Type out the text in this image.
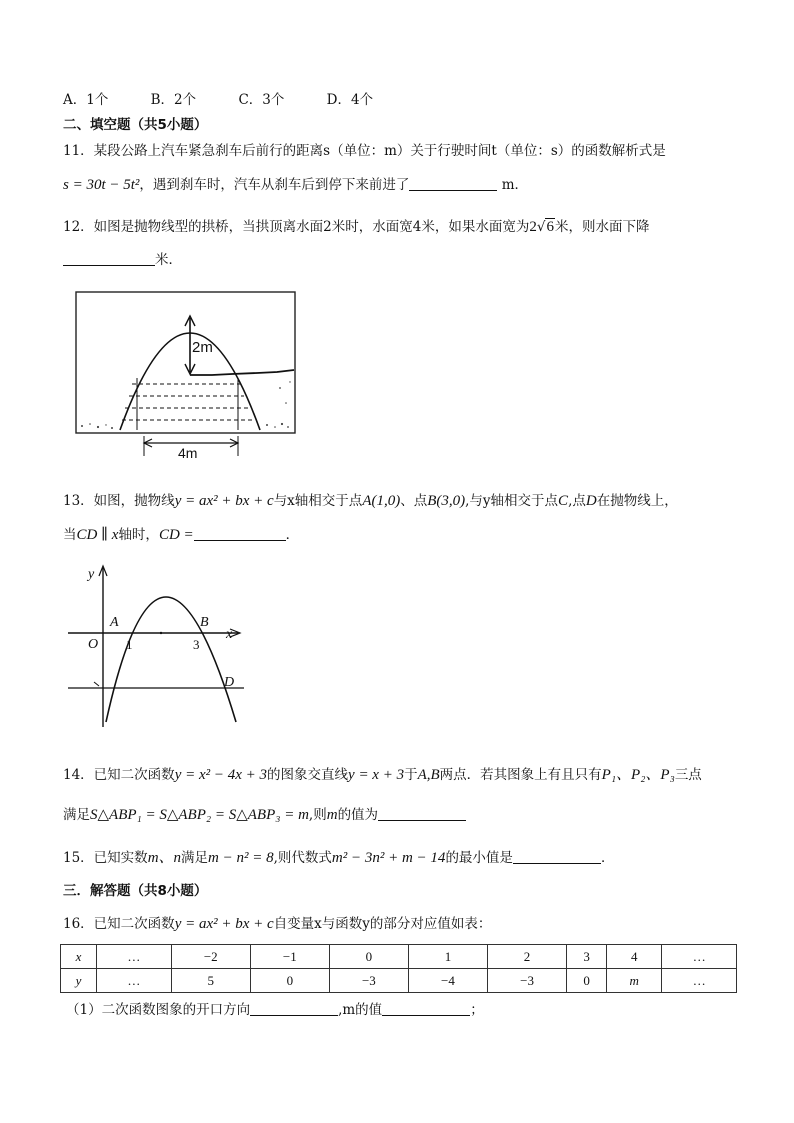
A．1个	B．2个	C．3个	D．4个
二、填空题（共5小题）
11．某段公路上汽车紧急刹车后前行的距离s（单位：m）关于行驶时间t（单位：s）的函数解析式是
s = 30t − 5t²，遇到刹车时，汽车从刹车后到停下来前进了	m．
12．如图是抛物线型的拱桥，当拱顶离水面2米时，水面宽4米，如果水面宽为2√6米，则水面下降
米．
2m
4m
13．如图，抛物线y = ax² + bx + c与x轴相交于点A(1,0)、点B(3,0),与y轴相交于点C,点D在抛物线上，
当CD ∥ x轴时，CD =	．
y
x
O
A	B
D
1	3
14．已知二次函数y = x² − 4x + 3的图象交直线y = x + 3于A,B两点．若其图象上有且只有P₁、P₂、P₃三点
满足S△ABP₁ = S△ABP₂ = S△ABP₃ = m,则m的值为
15．已知实数m、n满足m − n² = 8,则代数式m² − 3n² + m − 14的最小值是	．
三．解答题（共8小题）
16．已知二次函数y = ax² + bx + c自变量x与函数y的部分对应值如表：
x	…	−2	−1	0	1	2	3	4	…
y	…	5	0	−3	−4	−3	0	m	…
（1）二次函数图象的开口方向	,m的值	；
